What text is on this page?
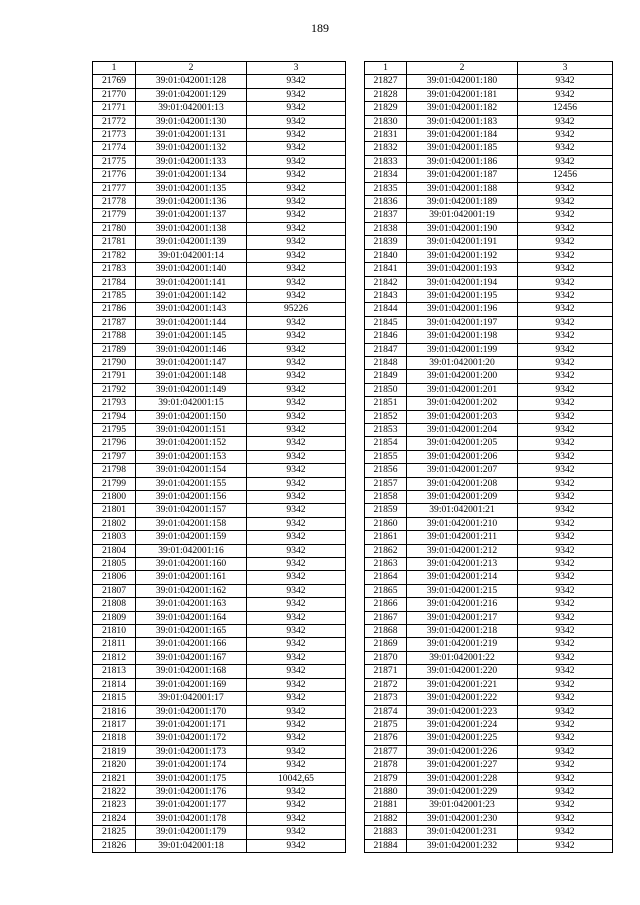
189
1	2	3
21769	39:01:042001:128	9342
21770	39:01:042001:129	9342
21771	39:01:042001:13	9342
21772	39:01:042001:130	9342
21773	39:01:042001:131	9342
21774	39:01:042001:132	9342
21775	39:01:042001:133	9342
21776	39:01:042001:134	9342
21777	39:01:042001:135	9342
21778	39:01:042001:136	9342
21779	39:01:042001:137	9342
21780	39:01:042001:138	9342
21781	39:01:042001:139	9342
21782	39:01:042001:14	9342
21783	39:01:042001:140	9342
21784	39:01:042001:141	9342
21785	39:01:042001:142	9342
21786	39:01:042001:143	95226
21787	39:01:042001:144	9342
21788	39:01:042001:145	9342
21789	39:01:042001:146	9342
21790	39:01:042001:147	9342
21791	39:01:042001:148	9342
21792	39:01:042001:149	9342
21793	39:01:042001:15	9342
21794	39:01:042001:150	9342
21795	39:01:042001:151	9342
21796	39:01:042001:152	9342
21797	39:01:042001:153	9342
21798	39:01:042001:154	9342
21799	39:01:042001:155	9342
21800	39:01:042001:156	9342
21801	39:01:042001:157	9342
21802	39:01:042001:158	9342
21803	39:01:042001:159	9342
21804	39:01:042001:16	9342
21805	39:01:042001:160	9342
21806	39:01:042001:161	9342
21807	39:01:042001:162	9342
21808	39:01:042001:163	9342
21809	39:01:042001:164	9342
21810	39:01:042001:165	9342
21811	39:01:042001:166	9342
21812	39:01:042001:167	9342
21813	39:01:042001:168	9342
21814	39:01:042001:169	9342
21815	39:01:042001:17	9342
21816	39:01:042001:170	9342
21817	39:01:042001:171	9342
21818	39:01:042001:172	9342
21819	39:01:042001:173	9342
21820	39:01:042001:174	9342
21821	39:01:042001:175	10042,65
21822	39:01:042001:176	9342
21823	39:01:042001:177	9342
21824	39:01:042001:178	9342
21825	39:01:042001:179	9342
21826	39:01:042001:18	9342
1	2	3
21827	39:01:042001:180	9342
21828	39:01:042001:181	9342
21829	39:01:042001:182	12456
21830	39:01:042001:183	9342
21831	39:01:042001:184	9342
21832	39:01:042001:185	9342
21833	39:01:042001:186	9342
21834	39:01:042001:187	12456
21835	39:01:042001:188	9342
21836	39:01:042001:189	9342
21837	39:01:042001:19	9342
21838	39:01:042001:190	9342
21839	39:01:042001:191	9342
21840	39:01:042001:192	9342
21841	39:01:042001:193	9342
21842	39:01:042001:194	9342
21843	39:01:042001:195	9342
21844	39:01:042001:196	9342
21845	39:01:042001:197	9342
21846	39:01:042001:198	9342
21847	39:01:042001:199	9342
21848	39:01:042001:20	9342
21849	39:01:042001:200	9342
21850	39:01:042001:201	9342
21851	39:01:042001:202	9342
21852	39:01:042001:203	9342
21853	39:01:042001:204	9342
21854	39:01:042001:205	9342
21855	39:01:042001:206	9342
21856	39:01:042001:207	9342
21857	39:01:042001:208	9342
21858	39:01:042001:209	9342
21859	39:01:042001:21	9342
21860	39:01:042001:210	9342
21861	39:01:042001:211	9342
21862	39:01:042001:212	9342
21863	39:01:042001:213	9342
21864	39:01:042001:214	9342
21865	39:01:042001:215	9342
21866	39:01:042001:216	9342
21867	39:01:042001:217	9342
21868	39:01:042001:218	9342
21869	39:01:042001:219	9342
21870	39:01:042001:22	9342
21871	39:01:042001:220	9342
21872	39:01:042001:221	9342
21873	39:01:042001:222	9342
21874	39:01:042001:223	9342
21875	39:01:042001:224	9342
21876	39:01:042001:225	9342
21877	39:01:042001:226	9342
21878	39:01:042001:227	9342
21879	39:01:042001:228	9342
21880	39:01:042001:229	9342
21881	39:01:042001:23	9342
21882	39:01:042001:230	9342
21883	39:01:042001:231	9342
21884	39:01:042001:232	9342
